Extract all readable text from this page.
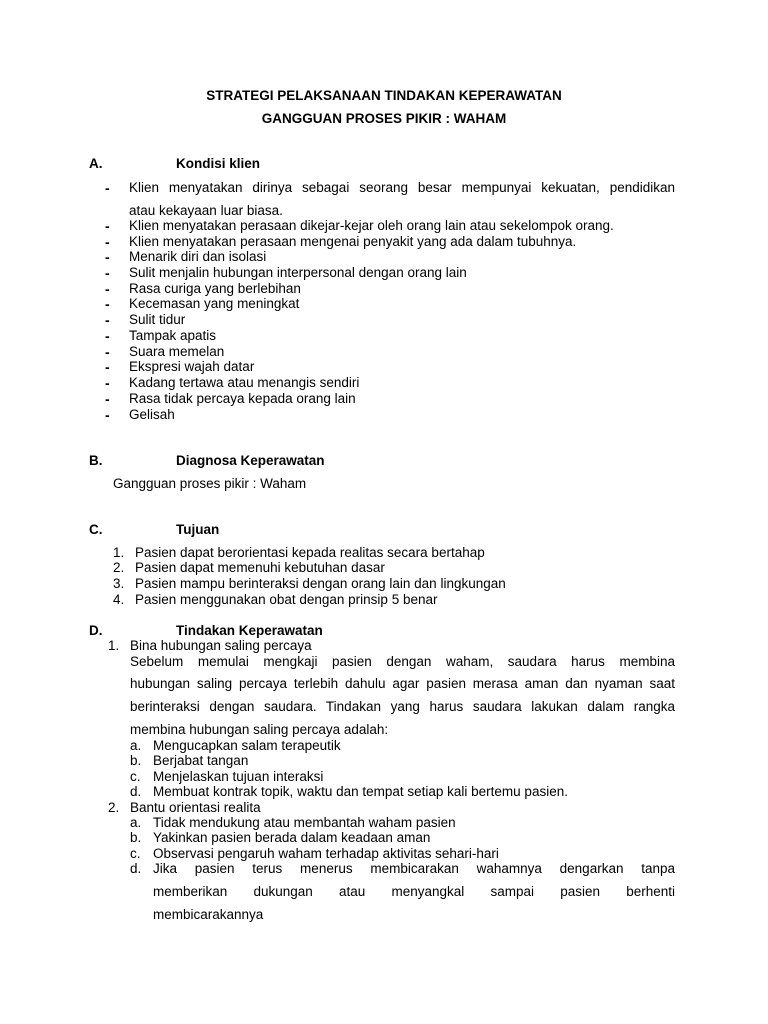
STRATEGI PELAKSANAAN TINDAKAN KEPERAWATAN
GANGGUAN PROSES PIKIR : WAHAM
A.	Kondisi klien
- Klien menyatakan dirinya sebagai seorang besar mempunyai kekuatan, pendidikan
atau kekayaan luar biasa.
- Klien menyatakan perasaan dikejar-kejar oleh orang lain atau sekelompok orang.
- Klien menyatakan perasaan mengenai penyakit yang ada dalam tubuhnya.
- Menarik diri dan isolasi
- Sulit menjalin hubungan interpersonal dengan orang lain
- Rasa curiga yang berlebihan
- Kecemasan yang meningkat
- Sulit tidur
- Tampak apatis
- Suara memelan
- Ekspresi wajah datar
- Kadang tertawa atau menangis sendiri
- Rasa tidak percaya kepada orang lain
- Gelisah
B.	Diagnosa Keperawatan
Gangguan proses pikir : Waham
C.	Tujuan
1. Pasien dapat berorientasi kepada realitas secara bertahap
2. Pasien dapat memenuhi kebutuhan dasar
3. Pasien mampu berinteraksi dengan orang lain dan lingkungan
4. Pasien menggunakan obat dengan prinsip 5 benar
D.	Tindakan Keperawatan
1. Bina hubungan saling percaya
Sebelum memulai mengkaji pasien dengan waham, saudara harus membina
hubungan saling percaya terlebih dahulu agar pasien merasa aman dan nyaman saat
berinteraksi dengan saudara. Tindakan yang harus saudara lakukan dalam rangka
membina hubungan saling percaya adalah:
a. Mengucapkan salam terapeutik
b. Berjabat tangan
c. Menjelaskan tujuan interaksi
d. Membuat kontrak topik, waktu dan tempat setiap kali bertemu pasien.
2. Bantu orientasi realita
a. Tidak mendukung atau membantah waham pasien
b. Yakinkan pasien berada dalam keadaan aman
c. Observasi pengaruh waham terhadap aktivitas sehari-hari
d. Jika pasien terus menerus membicarakan wahamnya dengarkan tanpa
memberikan dukungan atau menyangkal sampai pasien berhenti
membicarakannya
